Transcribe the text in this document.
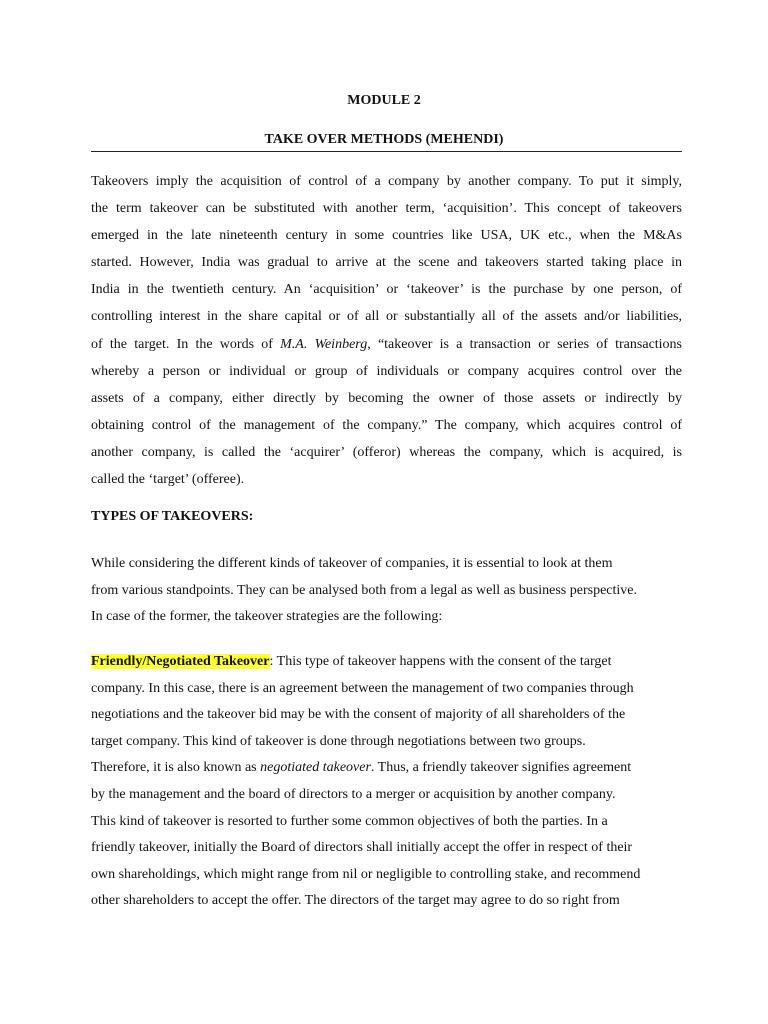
MODULE 2
TAKE OVER METHODS (MEHENDI)

Takeovers imply the acquisition of control of a company by another company. To put it simply,
the term takeover can be substituted with another term, ‘acquisition’. This concept of takeovers
emerged in the late nineteenth century in some countries like USA, UK etc., when the M&As
started. However, India was gradual to arrive at the scene and takeovers started taking place in
India in the twentieth century. An ‘acquisition’ or ‘takeover’ is the purchase by one person, of
controlling interest in the share capital or of all or substantially all of the assets and/or liabilities,
of the target. In the words of M.A. Weinberg, “takeover is a transaction or series of transactions
whereby a person or individual or group of individuals or company acquires control over the
assets of a company, either directly by becoming the owner of those assets or indirectly by
obtaining control of the management of the company.” The company, which acquires control of
another company, is called the ‘acquirer’ (offeror) whereas the company, which is acquired, is
called the ‘target’ (offeree).

TYPES OF TAKEOVERS:

While considering the different kinds of takeover of companies, it is essential to look at them
from various standpoints. They can be analysed both from a legal as well as business perspective.
In case of the former, the takeover strategies are the following:

Friendly/Negotiated Takeover: This type of takeover happens with the consent of the target
company. In this case, there is an agreement between the management of two companies through
negotiations and the takeover bid may be with the consent of majority of all shareholders of the
target company. This kind of takeover is done through negotiations between two groups.
Therefore, it is also known as negotiated takeover. Thus, a friendly takeover signifies agreement
by the management and the board of directors to a merger or acquisition by another company.
This kind of takeover is resorted to further some common objectives of both the parties. In a
friendly takeover, initially the Board of directors shall initially accept the offer in respect of their
own shareholdings, which might range from nil or negligible to controlling stake, and recommend
other shareholders to accept the offer. The directors of the target may agree to do so right from
